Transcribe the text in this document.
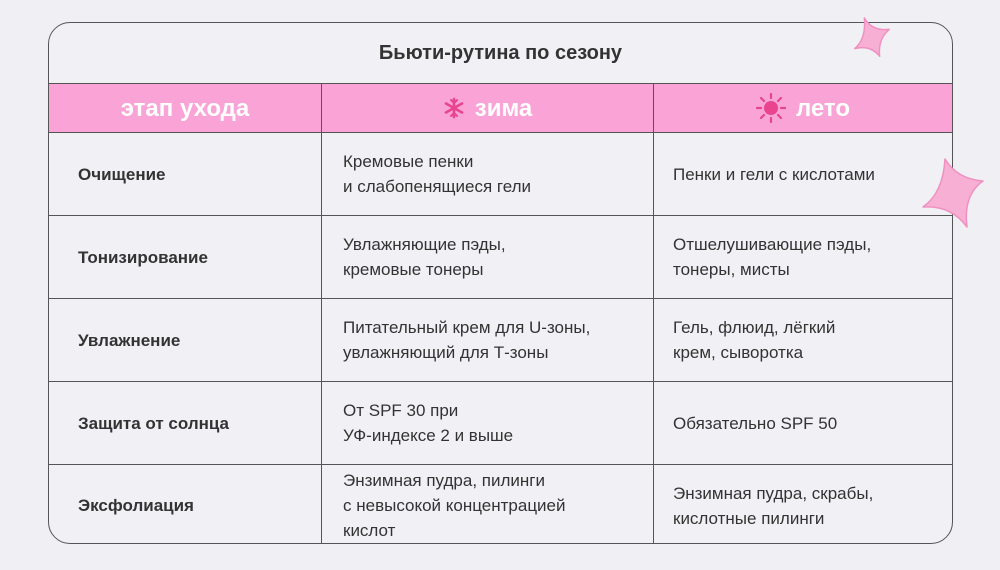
Бьюти-рутина по сезону
этап ухода	зима	лето
Очищение
Кремовые пенки
и слабопенящиеся гели
Пенки и гели с кислотами
Тонизирование
Увлажняющие пэды,
кремовые тонеры
Отшелушивающие пэды,
тонеры, мисты
Увлажнение
Питательный крем для U-зоны,
увлажняющий для Т-зоны
Гель, флюид, лёгкий
крем, сыворотка
Защита от солнца
От SPF 30 при
УФ-индексе 2 и выше
Обязательно SPF 50
Эксфолиация
Энзимная пудра, пилинги
с невысокой концентрацией
кислот
Энзимная пудра, скрабы,
кислотные пилинги
